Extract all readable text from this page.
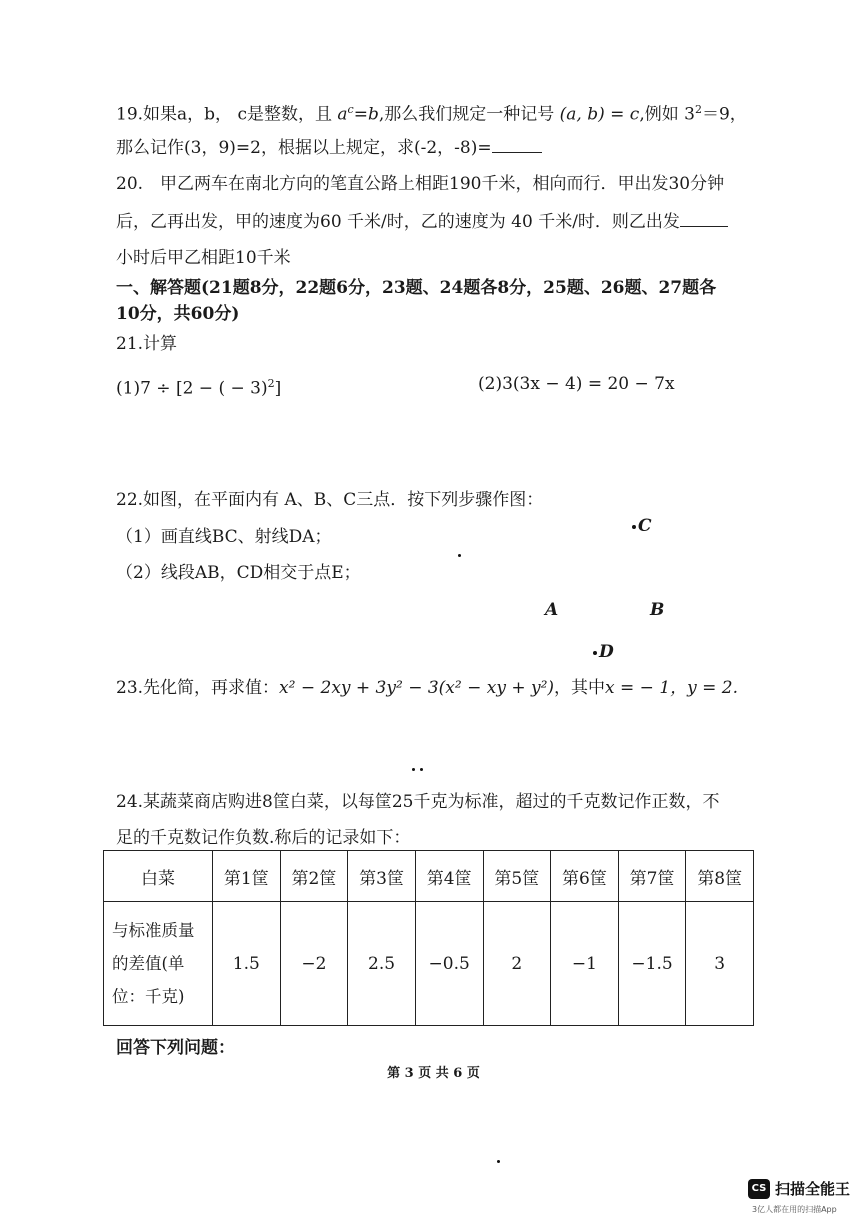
19.如果a，b， c是整数，且 $a^c=b$,那么我们规定一种记号 (a, b) = c,例如 $3^2=9$，
那么记作(3，9)=2，根据以上规定，求(-2，-8)=
20.　甲乙两车在南北方向的笔直公路上相距190千米，相向而行．甲出发30分钟
后，乙再出发，甲的速度为60 千米/时，乙的速度为 40 千米/时．则乙出发
小时后甲乙相距10千米
一、解答题(21题8分，22题6分，23题、24题各8分，25题、26题、27题各
10分，共60分)
21.计算
(1)7 ÷ [2 − ( − 3)$^2$]	(2)3(3x − 4) = 20 − 7x
22.如图，在平面内有 A、B、C三点．按下列步骤作图：
（1）画直线BC、射线DA；
（2）线段AB，CD相交于点E；
C
A	B
D
23.先化简，再求值：x² − 2xy + 3y² − 3(x² − xy + y²)，其中x = − 1，y = 2.
24.某蔬菜商店购进8筐白菜，以每筐25千克为标准，超过的千克数记作正数，不
足的千克数记作负数.称后的记录如下：
白菜	第1筐	第2筐	第3筐	第4筐	第5筐	第6筐	第7筐	第8筐

与标准质量
的差值(单
位：千克)	1.5	−2	2.5	−0.5	2	−1	−1.5	3
回答下列问题：
第 3 页 共 6 页
CS 扫描全能王
3亿人都在用的扫描App
